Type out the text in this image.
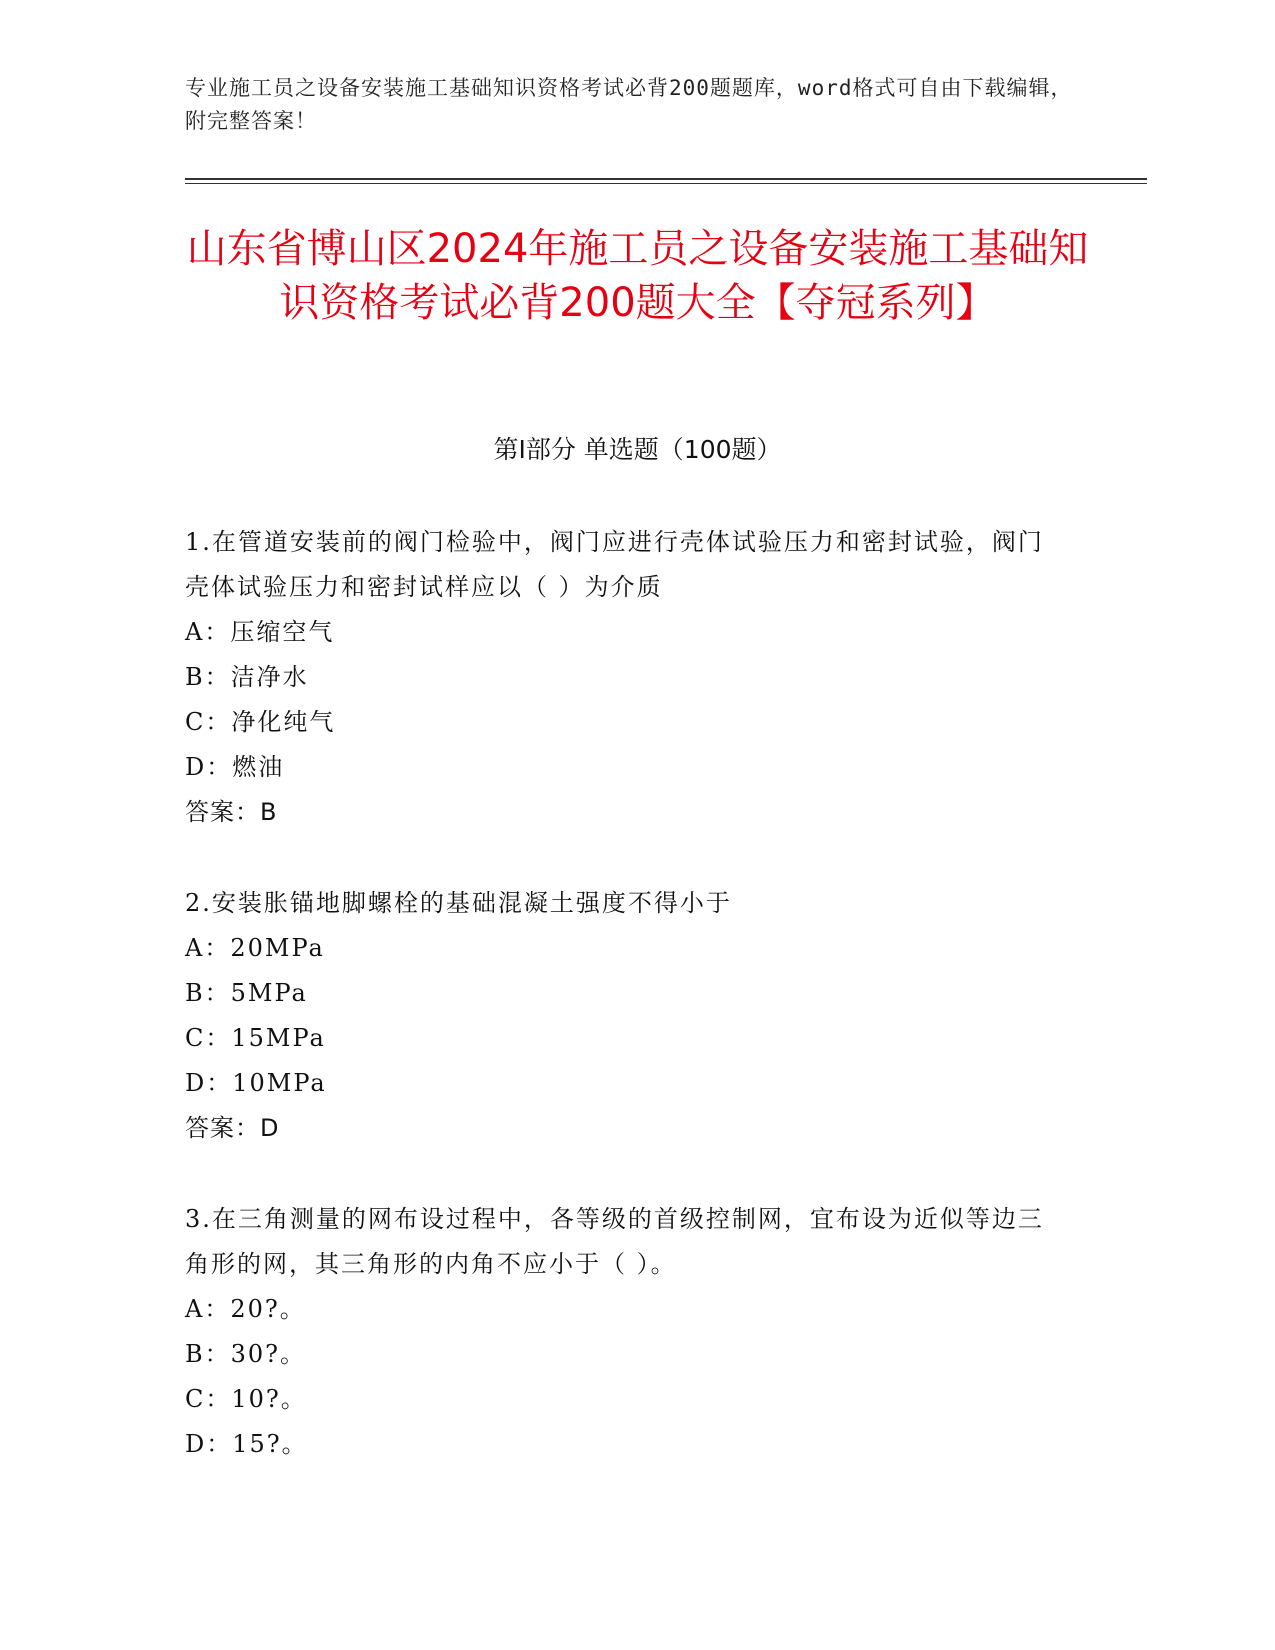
专业施工员之设备安装施工基础知识资格考试必背200题题库，word格式可自由下载编辑，附完整答案！
山东省博山区2024年施工员之设备安装施工基础知识资格考试必背200题大全【夺冠系列】
第I部分 单选题（100题）
1.在管道安装前的阀门检验中，阀门应进行壳体试验压力和密封试验，阀门壳体试验压力和密封试样应以（ ）为介质
A：压缩空气
B：洁净水
C：净化纯气
D：燃油
答案：B
2.安装胀锚地脚螺栓的基础混凝土强度不得小于
A：20MPa
B：5MPa
C：15MPa
D：10MPa
答案：D
3.在三角测量的网布设过程中，各等级的首级控制网，宜布设为近似等边三角形的网，其三角形的内角不应小于（ ）。
A：20?。
B：30?。
C：10?。
D：15?。
